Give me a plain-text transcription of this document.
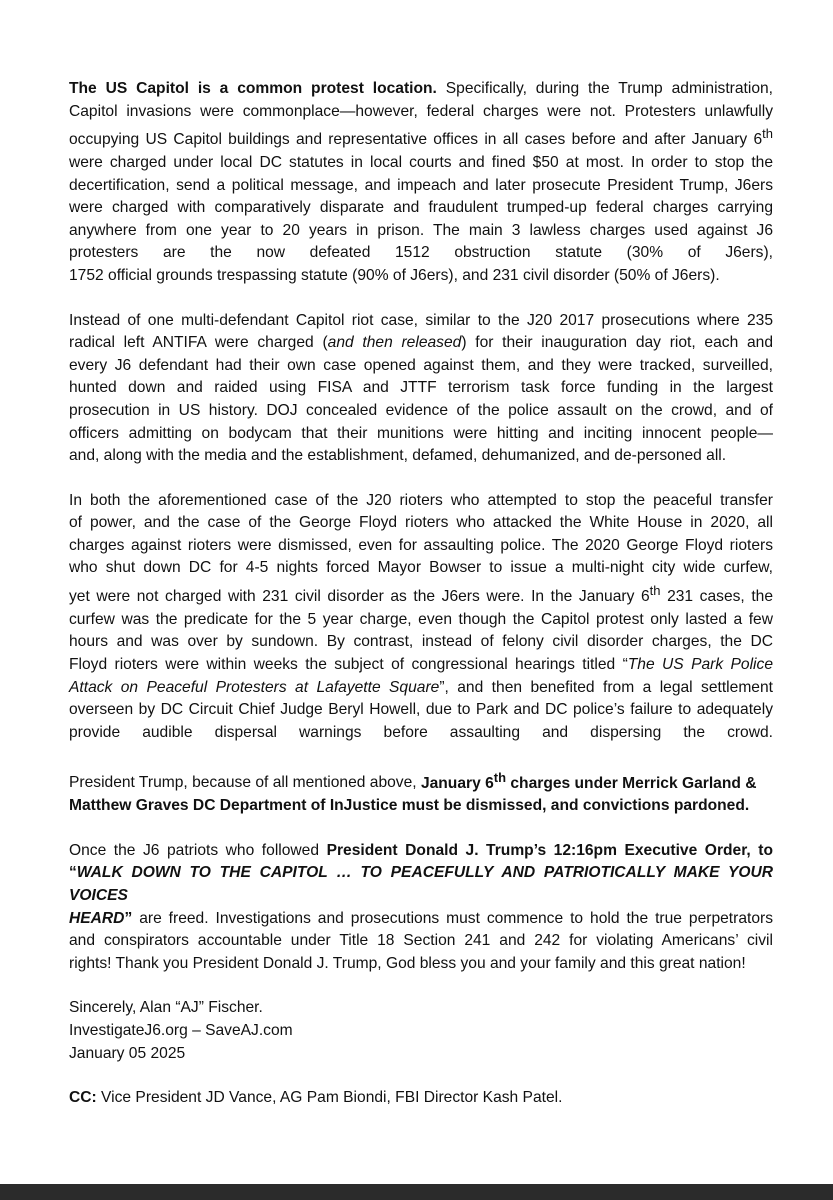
The US Capitol is a common protest location. Specifically, during the Trump administration,
Capitol invasions were commonplace—however, federal charges were not. Protesters unlawfully
occupying US Capitol buildings and representative offices in all cases before and after January 6th
were charged under local DC statutes in local courts and fined $50 at most. In order to stop the
decertification, send a political message, and impeach and later prosecute President Trump, J6ers
were charged with comparatively disparate and fraudulent trumped-up federal charges carrying
anywhere from one year to 20 years in prison. The main 3 lawless charges used against J6
protesters are the now defeated 1512 obstruction statute (30% of J6ers),
1752 official grounds trespassing statute (90% of J6ers), and 231 civil disorder (50% of J6ers).
Instead of one multi-defendant Capitol riot case, similar to the J20 2017 prosecutions where 235
radical left ANTIFA were charged (and then released) for their inauguration day riot, each and
every J6 defendant had their own case opened against them, and they were tracked, surveilled,
hunted down and raided using FISA and JTTF terrorism task force funding in the largest
prosecution in US history. DOJ concealed evidence of the police assault on the crowd, and of
officers admitting on bodycam that their munitions were hitting and inciting innocent people—
and, along with the media and the establishment, defamed, dehumanized, and de-personed all.
In both the aforementioned case of the J20 rioters who attempted to stop the peaceful transfer
of power, and the case of the George Floyd rioters who attacked the White House in 2020, all
charges against rioters were dismissed, even for assaulting police. The 2020 George Floyd rioters
who shut down DC for 4-5 nights forced Mayor Bowser to issue a multi-night city wide curfew,
yet were not charged with 231 civil disorder as the J6ers were. In the January 6th 231 cases, the
curfew was the predicate for the 5 year charge, even though the Capitol protest only lasted a few
hours and was over by sundown. By contrast, instead of felony civil disorder charges, the DC
Floyd rioters were within weeks the subject of congressional hearings titled “The US Park Police
Attack on Peaceful Protesters at Lafayette Square”, and then benefited from a legal settlement
overseen by DC Circuit Chief Judge Beryl Howell, due to Park and DC police’s failure to adequately
provide audible dispersal warnings before assaulting and dispersing the crowd.
President Trump, because of all mentioned above, January 6th charges under Merrick Garland &
Matthew Graves DC Department of InJustice must be dismissed, and convictions pardoned.
Once the J6 patriots who followed President Donald J. Trump’s 12:16pm Executive Order, to
“WALK DOWN TO THE CAPITOL … TO PEACEFULLY AND PATRIOTICALLY MAKE YOUR VOICES
HEARD” are freed. Investigations and prosecutions must commence to hold the true perpetrators
and conspirators accountable under Title 18 Section 241 and 242 for violating Americans’ civil
rights! Thank you President Donald J. Trump, God bless you and your family and this great nation!
Sincerely, Alan “AJ” Fischer.
InvestigateJ6.org – SaveAJ.com
January 05 2025
CC: Vice President JD Vance, AG Pam Biondi, FBI Director Kash Patel.
